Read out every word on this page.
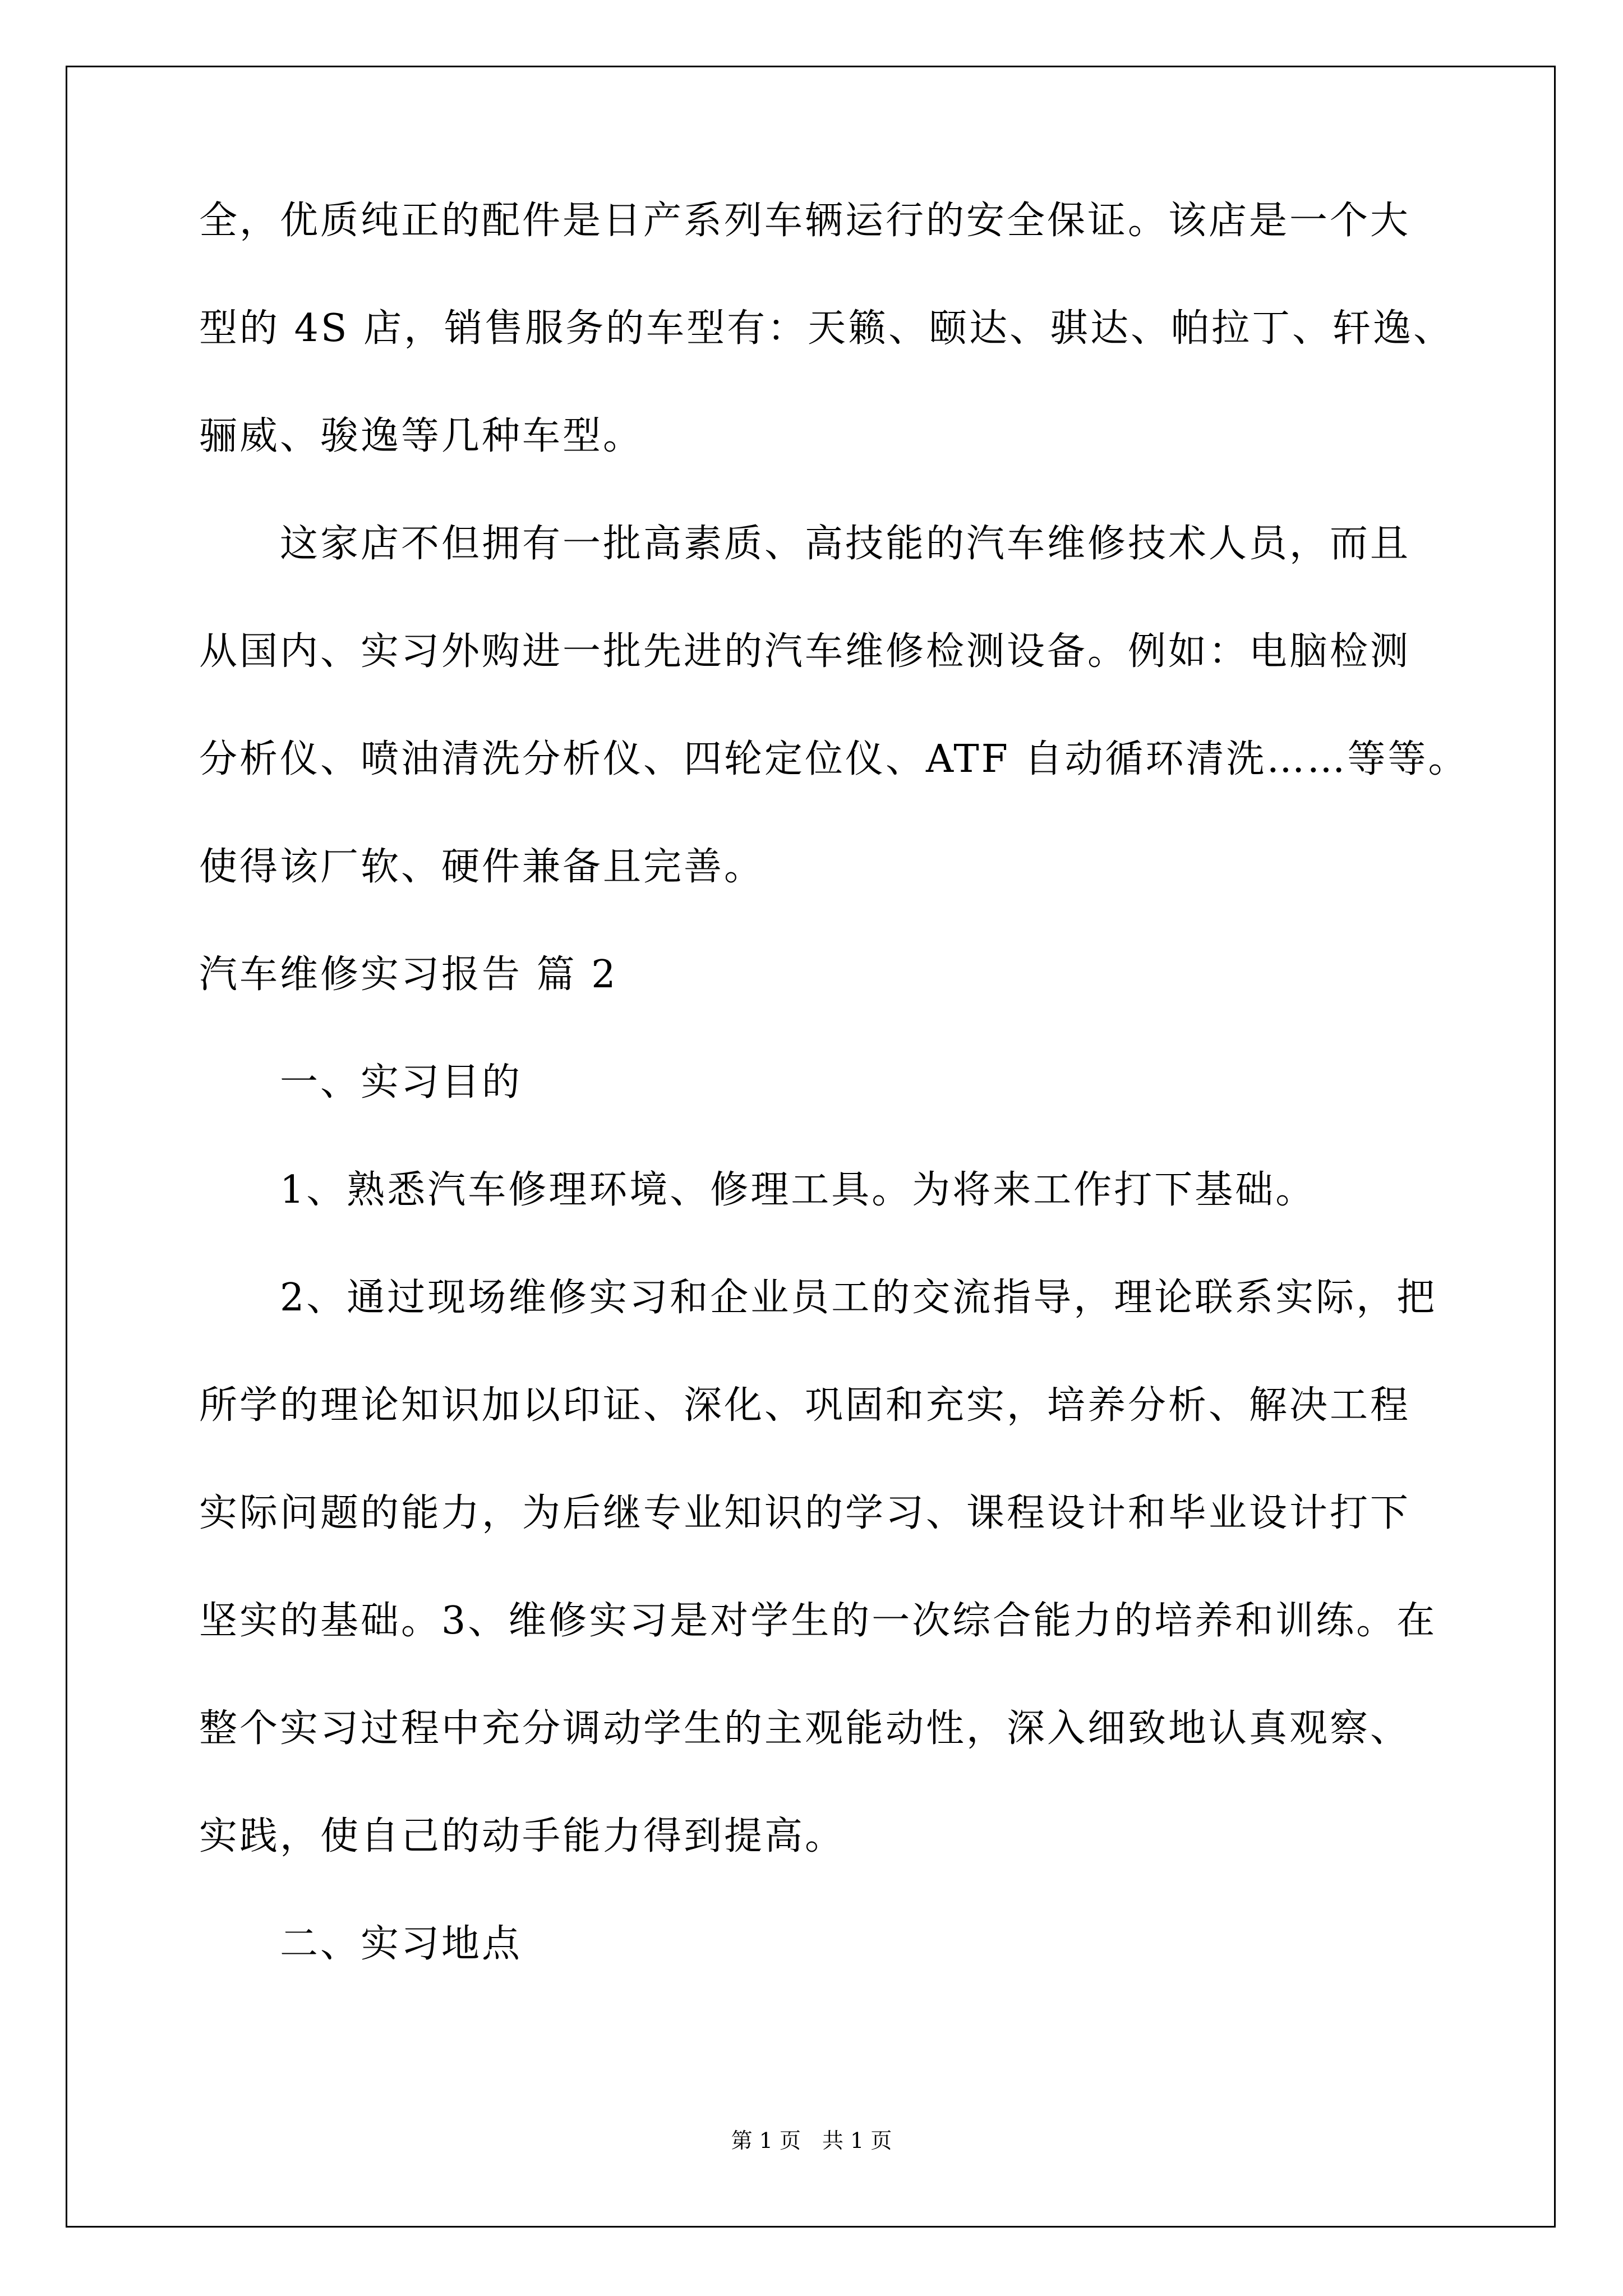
全，优质纯正的配件是日产系列车辆运行的安全保证。该店是一个大
型的 4S 店，销售服务的车型有：天籁、颐达、骐达、帕拉丁、轩逸、
骊威、骏逸等几种车型。
　　这家店不但拥有一批高素质、高技能的汽车维修技术人员，而且
从国内、实习外购进一批先进的汽车维修检测设备。例如：电脑检测
分析仪、喷油清洗分析仪、四轮定位仪、ATF 自动循环清洗……等等。
使得该厂软、硬件兼备且完善。
汽车维修实习报告 篇 2
　　一、实习目的
　　1、熟悉汽车修理环境、修理工具。为将来工作打下基础。
　　2、通过现场维修实习和企业员工的交流指导，理论联系实际，把
所学的理论知识加以印证、深化、巩固和充实，培养分析、解决工程
实际问题的能力，为后继专业知识的学习、课程设计和毕业设计打下
坚实的基础。3、维修实习是对学生的一次综合能力的培养和训练。在
整个实习过程中充分调动学生的主观能动性，深入细致地认真观察、
实践，使自己的动手能力得到提高。
　　二、实习地点
第 1 页　共 1 页
